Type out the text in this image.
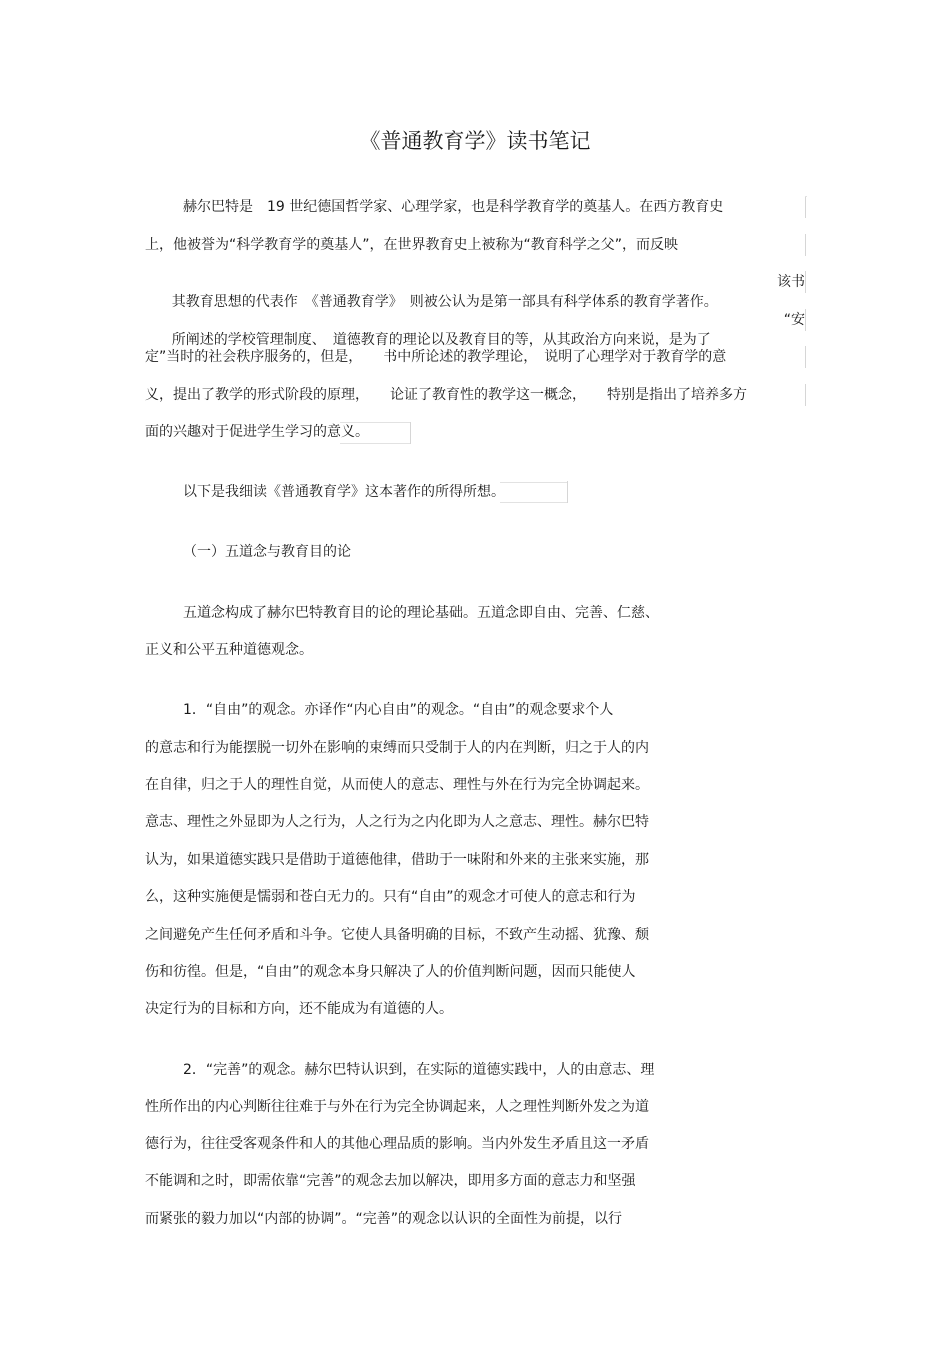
《普通教育学》读书笔记
赫尔巴特是　19 世纪德国哲学家、心理学家，也是科学教育学的奠基人。在西方教育史
上，他被誉为“科学教育学的奠基人”，在世界教育史上被称为“教育科学之父”，而反映

其教育思想的代表作　《普通教育学》　则被公认为是第一部具有科学体系的教育学著作。

该书

所阐述的学校管理制度、　道德教育的理论以及教育目的等，从其政治方向来说，是为了

“安

定”当时的社会秩序服务的，但是，　　书中所论述的教学理论，　说明了心理学对于教育学的意
义，提出了教学的形式阶段的原理，　　论证了教育性的教学这一概念，　　特别是指出了培养多方
面的兴趣对于促进学生学习的意义。
以下是我细读《普通教育学》这本著作的所得所想。
（一）五道念与教育目的论
五道念构成了赫尔巴特教育目的论的理论基础。五道念即自由、完善、仁慈、
正义和公平五种道德观念。
1．“自由”的观念。亦译作“内心自由”的观念。“自由”的观念要求个人
的意志和行为能摆脱一切外在影响的束缚而只受制于人的内在判断，归之于人的内
在自律，归之于人的理性自觉，从而使人的意志、理性与外在行为完全协调起来。
意志、理性之外显即为人之行为，人之行为之内化即为人之意志、理性。赫尔巴特
认为，如果道德实践只是借助于道德他律，借助于一味附和外来的主张来实施，那
么，这种实施便是懦弱和苍白无力的。只有“自由”的观念才可使人的意志和行为
之间避免产生任何矛盾和斗争。它使人具备明确的目标，不致产生动摇、犹豫、颓
伤和彷徨。但是，“自由”的观念本身只解决了人的价值判断问题，因而只能使人
决定行为的目标和方向，还不能成为有道德的人。
2．“完善”的观念。赫尔巴特认识到，在实际的道德实践中，人的由意志、理
性所作出的内心判断往往难于与外在行为完全协调起来，人之理性判断外发之为道
德行为，往往受客观条件和人的其他心理品质的影响。当内外发生矛盾且这一矛盾
不能调和之时，即需依靠“完善”的观念去加以解决，即用多方面的意志力和坚强
而紧张的毅力加以“内部的协调”。“完善”的观念以认识的全面性为前提，以行
